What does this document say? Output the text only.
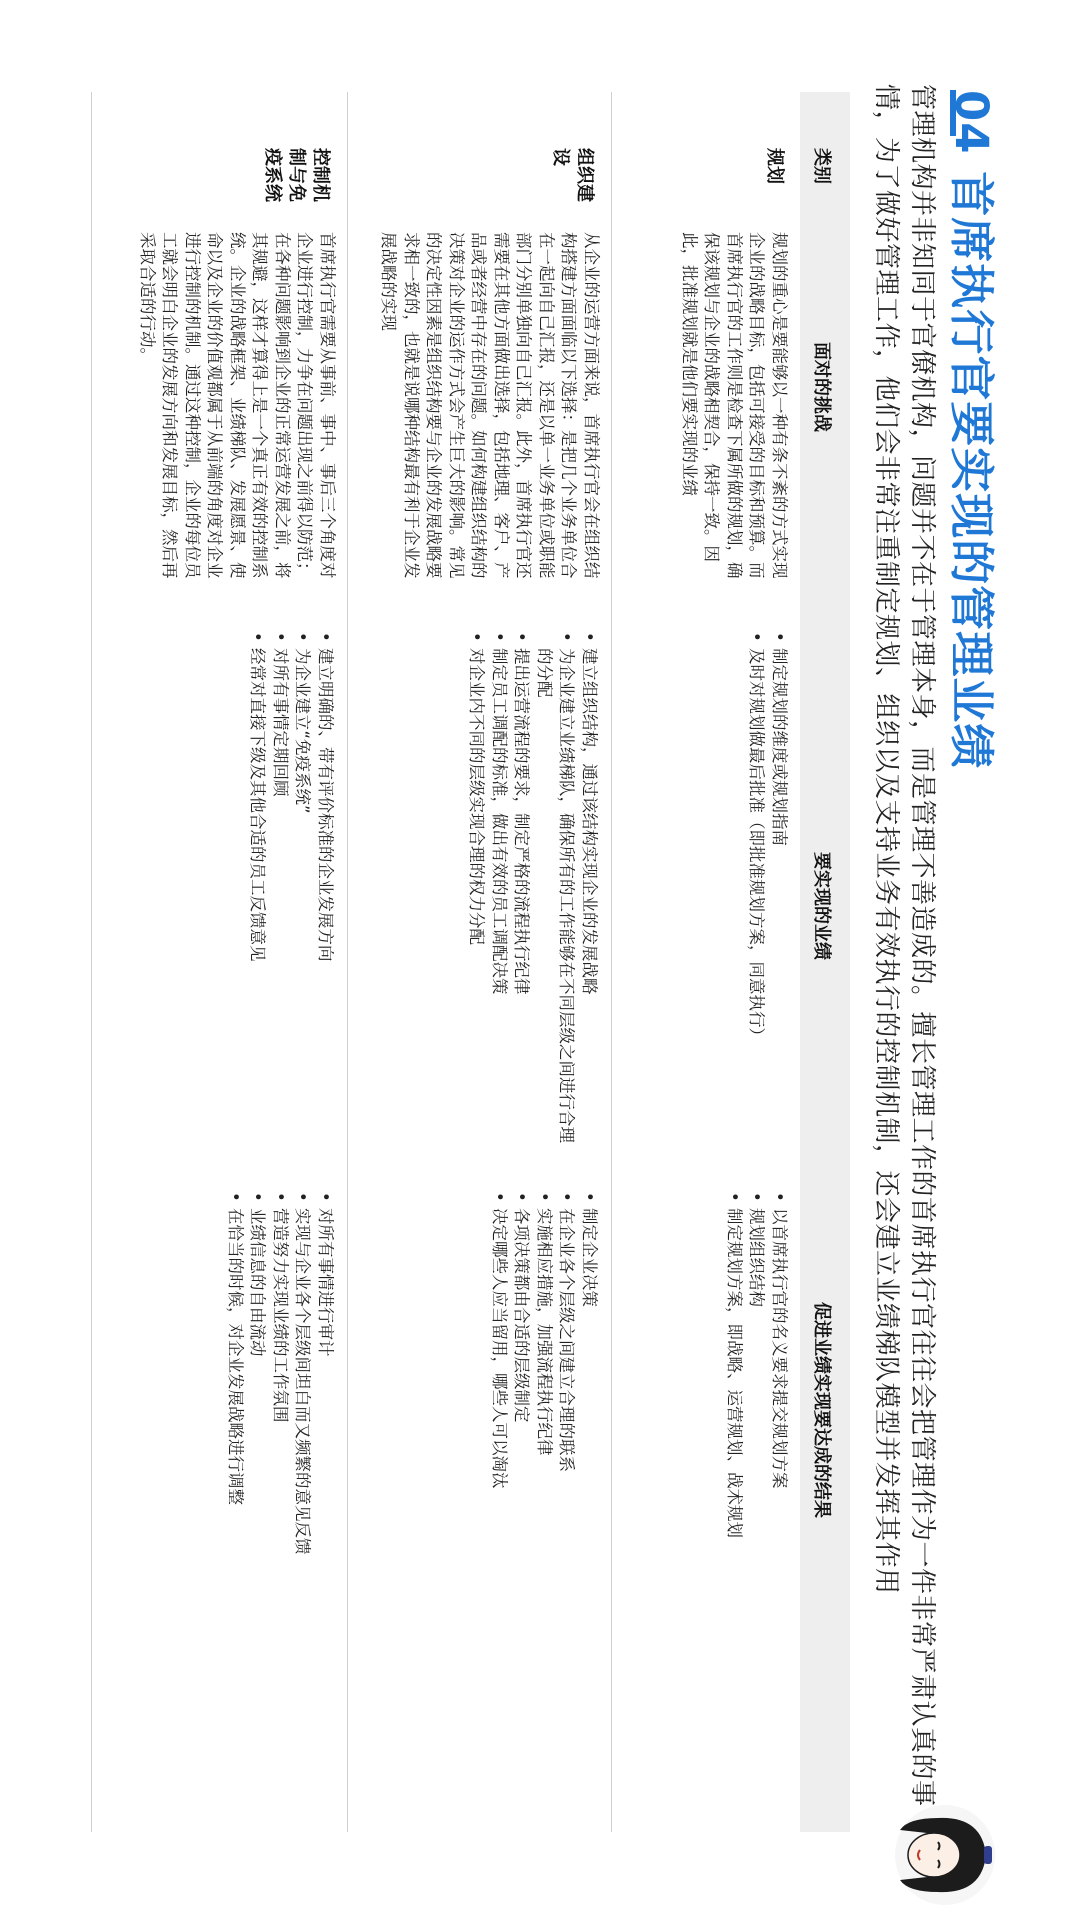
04 首席执行官要实现的管理业绩
管理机构并非知同于官僚机构，问题并不在于管理本身，而是管理不善造成的。擅长管理工作的首席执行官往往会把管理作为一件非常严肃认真的事情，为了做好管理工作，他们会非常注重制定规划、组织以及支持业务有效执行的控制机制，还会建立业绩梯队模型并发挥其作用
类别
面对的挑战
要实现的业绩
促进业绩实现要达成的结果
规划
规划的重心是要能够以一种有条不紊的方式实现企业的战略目标，包括可接受的目标和预算。而首席执行官的工作则是检查下属所做的规划，确保该规划与企业的战略相契合，保持一致。因此，批准规划就是他们要实现的业绩
• 制定规划的维度或规划指南
• 及时对规划做最后批准（即批准规划方案，同意执行）
• 以首席执行官的名义要求提交规划方案
• 规划组织结构
• 制定规划方案，即战略、运营规划、战术规划
组织建设
从企业的运营方面来说，首席执行官会在组织结构搭建方面面临以下选择：是把几个业务单位合在一起向自己汇报，还是以单一业务单位或职能部门分别单独向自己汇报。此外，首席执行官还需要在其他方面做出选择，包括地理、客户、产品或者经营中存在的问题。如何构建组织结构的决策对企业的运作方式会产生巨大的影响。常见的决定性因素是组织结构要与企业的发展战略要求相一致的，也就是说哪种结构最有利于企业发展战略的实现
• 建立组织结构，通过该结构实现企业的发展战略
• 为企业建立业绩梯队，确保所有的工作能够在不同层级之间进行合理的分配
• 提出运营流程的要求，制定严格的流程执行纪律
• 制定员工调配的标准，做出有效的员工调配决策
• 对企业内不同的层级实现合理的权力分配
• 制定企业决策
• 在企业各个层级之间建立合理的联系
• 实施相应措施，加强流程执行纪律
• 各项决策都由合适的层级制定
• 决定哪些人应当留用，哪些人可以淘汰
控制机制与免疫系统
首席执行官需要从事前、事中、事后三个角度对企业进行控制，力争在问题出现之前得以防范；在各种问题影响到企业的正常运营发展之前，将其规避，这样才算得上是一个真正有效的控制系统。企业的战略框架、业绩梯队、发展愿景、使命以及企业的价值观都属于从前端的角度对企业进行控制的机制。通过这种控制，企业的每位员工就会明白企业的发展方向和发展目标，然后再采取合适的行动。
• 建立明确的、带有评价标准的企业发展方向
• 为企业建立“免疫系统”
• 对所有事情定期回顾
• 经常对直接下级及其他合适的员工反馈意见
• 对所有事情进行审计
• 实现与企业各个层级间坦白而又频繁的意见反馈
• 营造努力实现业绩的工作氛围
• 业绩信息的自由流动
• 在恰当的时候，对企业发展战略进行调整
